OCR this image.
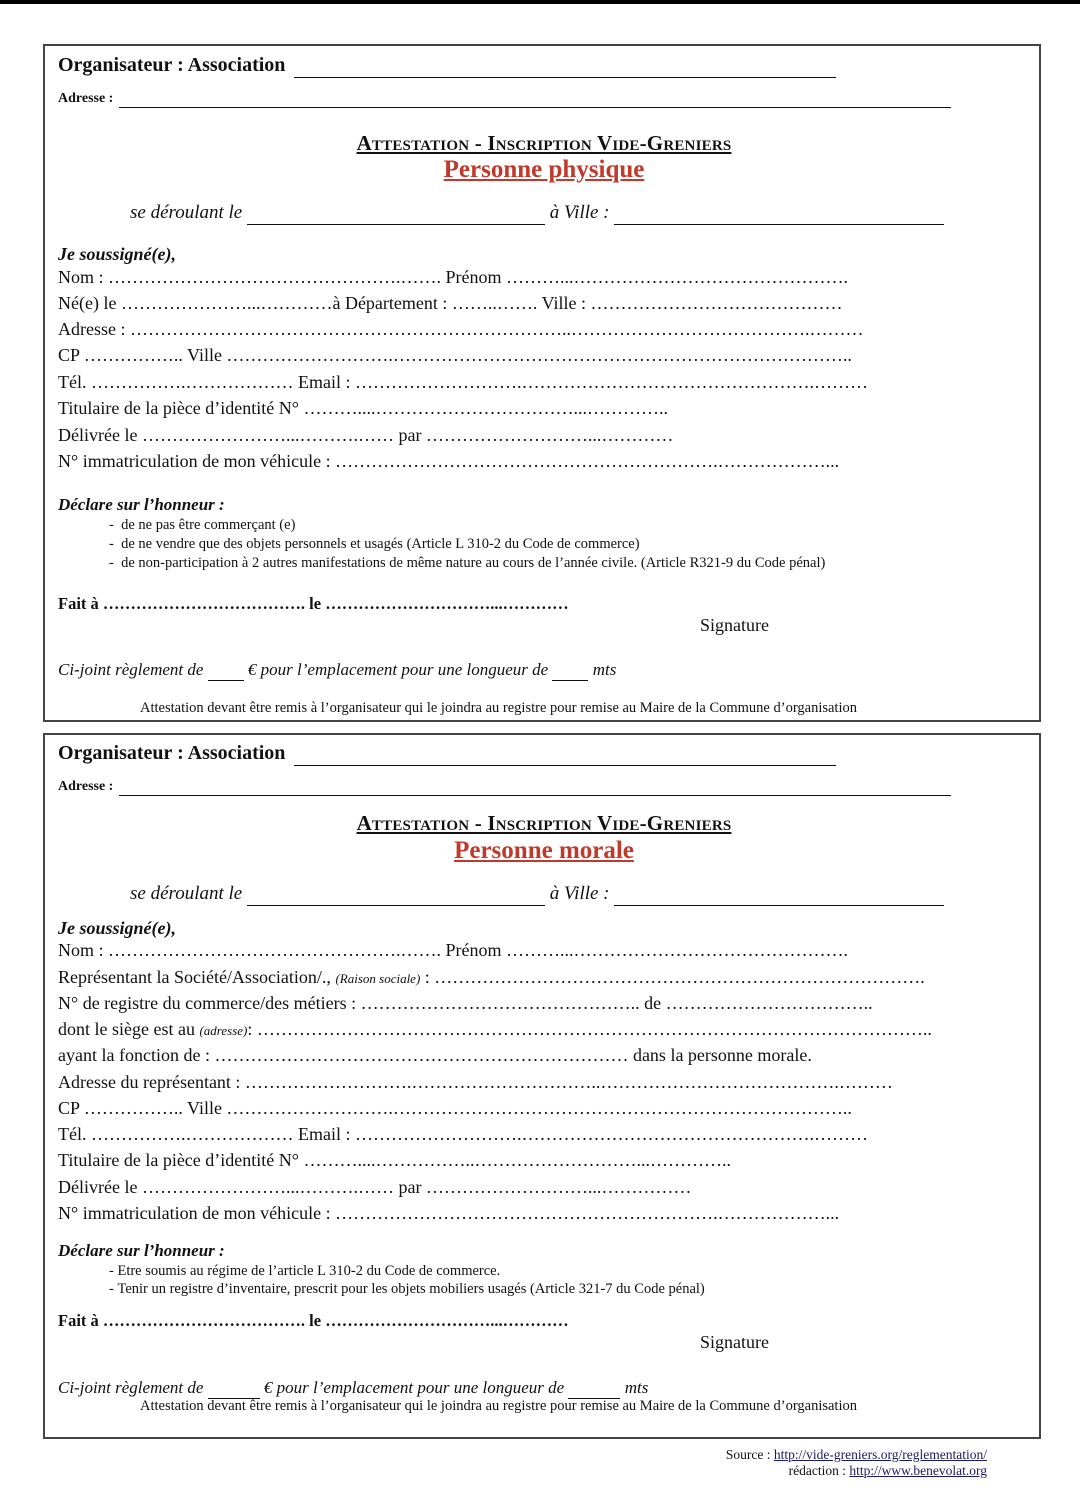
Organisateur : Association
Adresse :
Attestation - Inscription Vide-Greniers
Personne physique
se déroulant le	à Ville :
Je soussigné(e),
Nom : ………………………………………….……. Prénom ………...……………………………………….
Né(e) le …………………...…………à Département : ……..……. Ville : ……………………………………
Adresse : ………………………………………………………………..………………………………….………
CP …………….. Ville ……………………….…………………………………………………………………..
Tél. …………….……………… Email : ……………………….………………………………………….………
Titulaire de la pièce d’identité N° ………....……………………………...…………..
Délivrée le ……………………...……….…… par ………………………...…………
N° immatriculation de mon véhicule : ……………………………………………………….………………...
Déclare sur l’honneur :
-  de ne pas être commerçant (e)
-  de ne vendre que des objets personnels et usagés (Article L 310-2 du Code de commerce)
-  de non-participation à 2 autres manifestations de même nature au cours de l’année civile. (Article R321-9 du Code pénal)
Fait à ………………………………. le …………………………...…………
Signature
Ci-joint règlement de	€ pour l’emplacement pour une longueur de	mts
Attestation devant être remis à l’organisateur qui le joindra au registre pour remise au Maire de la Commune d’organisation
Organisateur : Association
Adresse :
Attestation - Inscription Vide-Greniers
Personne morale
se déroulant le	à Ville :
Je soussigné(e),
Nom : ………………………………………….……. Prénom ………...……………………………………….
Représentant la Société/Association/., (Raison sociale) : ……………………………………………………………………….
N° de registre du commerce/des métiers : ……………………………………….. de ……………………………..
dont le siège est au (adresse): …………………………………………………………………………………………………..
ayant la fonction de : …………………………………………………………… dans la personne morale.
Adresse du représentant : ……………………….…………………………..………………………………….………
CP …………….. Ville ……………………….…………………………………………………………………..
Tél. …………….……………… Email : ……………………….………………………………………….………
Titulaire de la pièce d’identité N° ………....……………..………………………...…………..
Délivrée le ……………………...……….…… par ………………………...……………
N° immatriculation de mon véhicule : ……………………………………………………….………………...
Déclare sur l’honneur :
- Etre soumis au régime de l’article L 310-2 du Code de commerce.
- Tenir un registre d’inventaire, prescrit pour les objets mobiliers usagés (Article 321-7 du Code pénal)
Fait à ………………………………. le …………………………...…………
Signature
Ci-joint règlement de	€ pour l’emplacement pour une longueur de	mts
Attestation devant être remis à l’organisateur qui le joindra au registre pour remise au Maire de la Commune d’organisation
Source : http://vide-greniers.org/reglementation/
rédaction : http://www.benevolat.org
